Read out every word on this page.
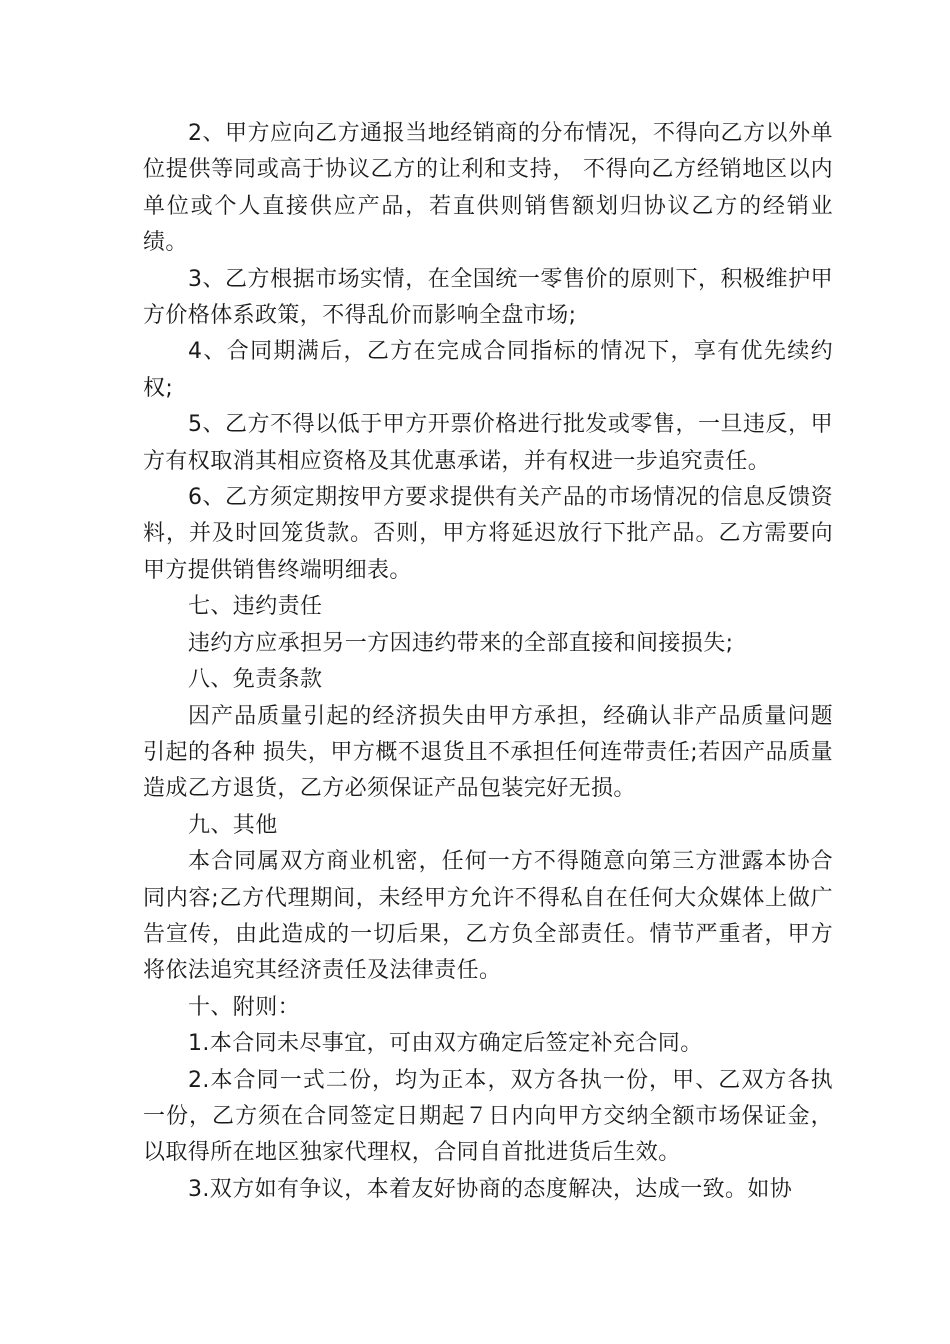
2、甲方应向乙方通报当地经销商的分布情况，不得向乙方以外单位提供等同或高于协议乙方的让利和支持， 不得向乙方经销地区以内单位或个人直接供应产品，若直供则销售额划归协议乙方的经销业绩。

3、乙方根据市场实情，在全国统一零售价的原则下，积极维护甲方价格体系政策，不得乱价而影响全盘市场;

4、合同期满后，乙方在完成合同指标的情况下，享有优先续约权;

5、乙方不得以低于甲方开票价格进行批发或零售，一旦违反，甲方有权取消其相应资格及其优惠承诺，并有权进一步追究责任。

6、乙方须定期按甲方要求提供有关产品的市场情况的信息反馈资料，并及时回笼货款。否则，甲方将延迟放行下批产品。乙方需要向甲方提供销售终端明细表。

七、违约责任

违约方应承担另一方因违约带来的全部直接和间接损失;

八、免责条款

因产品质量引起的经济损失由甲方承担，经确认非产品质量问题引起的各种 损失，甲方概不退货且不承担任何连带责任;若因产品质量造成乙方退货，乙方必须保证产品包装完好无损。

九、其他

本合同属双方商业机密，任何一方不得随意向第三方泄露本协合同内容;乙方代理期间，未经甲方允许不得私自在任何大众媒体上做广告宣传，由此造成的一切后果，乙方负全部责任。情节严重者，甲方将依法追究其经济责任及法律责任。

十、附则：

1.本合同未尽事宜，可由双方确定后签定补充合同。

2.本合同一式二份，均为正本，双方各执一份，甲、乙双方各执一份，乙方须在合同签定日期起７日内向甲方交纳全额市场保证金，以取得所在地区独家代理权，合同自首批进货后生效。

3.双方如有争议，本着友好协商的态度解决，达成一致。如协
